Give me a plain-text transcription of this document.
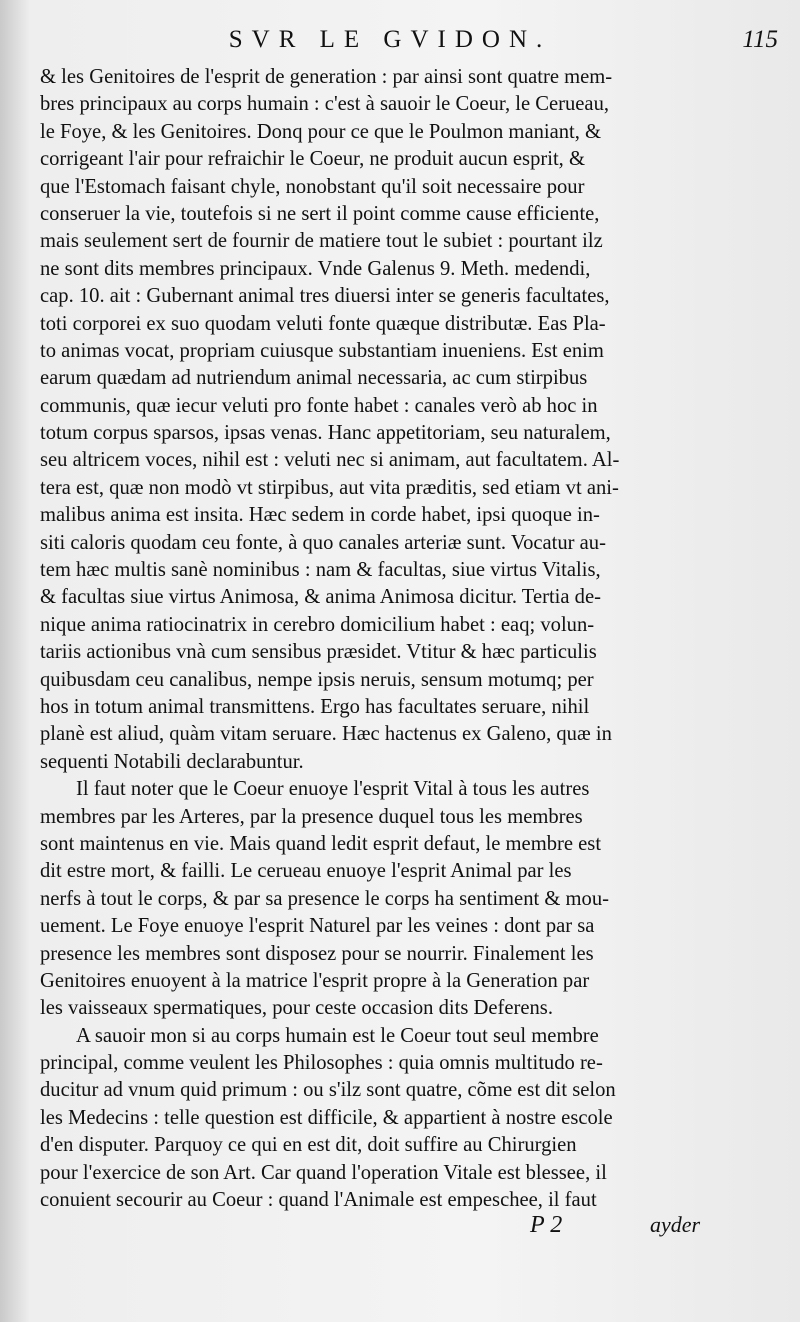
SVR LE GVIDON.	115
& les Genitoires de l'esprit de generation : par ainsi sont quatre mem-
bres principaux au corps humain : c'est à sauoir le Coeur, le Cerueau,
le Foye, & les Genitoires. Donq pour ce que le Poulmon maniant, &
corrigeant l'air pour refraichir le Coeur, ne produit aucun esprit, &
que l'Estomach faisant chyle, nonobstant qu'il soit necessaire pour
conseruer la vie, toutefois si ne sert il point comme cause efficiente,
mais seulement sert de fournir de matiere tout le subiet : pourtant ilz
ne sont dits membres principaux. Vnde Galenus 9. Meth. medendi,
cap. 10. ait : Gubernant animal tres diuersi inter se generis facultates,
toti corporei ex suo quodam veluti fonte quæque distributæ. Eas Pla-
to animas vocat, propriam cuiusque substantiam inueniens. Est enim
earum quædam ad nutriendum animal necessaria, ac cum stirpibus
communis, quæ iecur veluti pro fonte habet : canales verò ab hoc in
totum corpus sparsos, ipsas venas. Hanc appetitoriam, seu naturalem,
seu altricem voces, nihil est : veluti nec si animam, aut facultatem. Al-
tera est, quæ non modò vt stirpibus, aut vita præditis, sed etiam vt ani-
malibus anima est insita. Hæc sedem in corde habet, ipsi quoque in-
siti caloris quodam ceu fonte, à quo canales arteriæ sunt. Vocatur au-
tem hæc multis sanè nominibus : nam & facultas, siue virtus Vitalis,
& facultas siue virtus Animosa, & anima Animosa dicitur. Tertia de-
nique anima ratiocinatrix in cerebro domicilium habet : eaq; volun-
tariis actionibus vnà cum sensibus præsidet. Vtitur & hæc particulis
quibusdam ceu canalibus, nempe ipsis neruis, sensum motumq; per
hos in totum animal transmittens. Ergo has facultates seruare, nihil
planè est aliud, quàm vitam seruare. Hæc hactenus ex Galeno, quæ in
sequenti Notabili declarabuntur.
Il faut noter que le Coeur enuoye l'esprit Vital à tous les autres
membres par les Arteres, par la presence duquel tous les membres
sont maintenus en vie. Mais quand ledit esprit defaut, le membre est
dit estre mort, & failli. Le cerueau enuoye l'esprit Animal par les
nerfs à tout le corps, & par sa presence le corps ha sentiment & mou-
uement. Le Foye enuoye l'esprit Naturel par les veines : dont par sa
presence les membres sont disposez pour se nourrir. Finalement les
Genitoires enuoyent à la matrice l'esprit propre à la Generation par
les vaisseaux spermatiques, pour ceste occasion dits Deferens.
A sauoir mon si au corps humain est le Coeur tout seul membre
principal, comme veulent les Philosophes : quia omnis multitudo re-
ducitur ad vnum quid primum : ou s'ilz sont quatre, cõme est dit selon
les Medecins : telle question est difficile, & appartient à nostre escole
d'en disputer. Parquoy ce qui en est dit, doit suffire au Chirurgien
pour l'exercice de son Art. Car quand l'operation Vitale est blessee, il
conuient secourir au Coeur : quand l'Animale est empeschee, il faut
P 2	ayder
